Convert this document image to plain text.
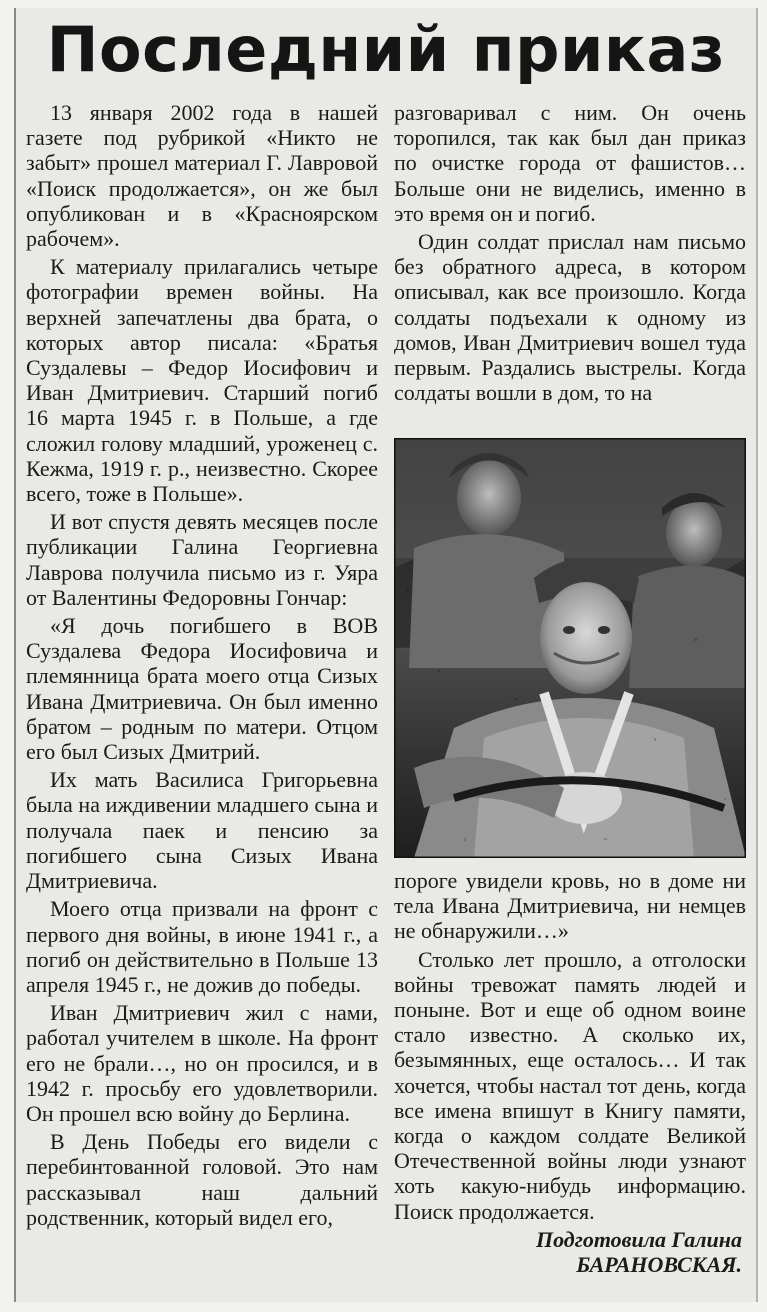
Последний приказ

13 января 2002 года в нашей газете под рубрикой «Никто не забыт» прошел материал Г. Лавровой «Поиск продолжается», он же был опубликован и в «Красноярском рабочем».

К материалу прилагались четыре фотографии времен войны. На верхней запечатлены два брата, о которых автор писала: «Братья Суздалевы – Федор Иосифович и Иван Дмитриевич. Старший погиб 16 марта 1945 г. в Польше, а где сложил голову младший, уроженец с. Кежма, 1919 г. р., неизвестно. Скорее всего, тоже в Польше».

И вот спустя девять месяцев после публикации Галина Георгиевна Лаврова получила письмо из г. Уяра от Валентины Федоровны Гончар:

«Я дочь погибшего в ВОВ Суздалева Федора Иосифовича и племянница брата моего отца Сизых Ивана Дмитриевича. Он был именно братом – родным по матери. Отцом его был Сизых Дмитрий.

Их мать Василиса Григорьевна была на иждивении младшего сына и получала паек и пенсию за погибшего сына Сизых Ивана Дмитриевича.

Моего отца призвали на фронт с первого дня войны, в июне 1941 г., а погиб он действительно в Польше 13 апреля 1945 г., не дожив до победы.

Иван Дмитриевич жил с нами, работал учителем в школе. На фронт его не брали…, но он просился, и в 1942 г. просьбу его удовлетворили. Он прошел всю войну до Берлина.

В День Победы его видели с перебинтованной головой. Это нам рассказывал наш дальний родственник, который видел его,

разговаривал с ним. Он очень торопился, так как был дан приказ по очистке города от фашистов… Больше они не виделись, именно в это время он и погиб.

Один солдат прислал нам письмо без обратного адреса, в котором описывал, как все произошло. Когда солдаты подъехали к одному из домов, Иван Дмитриевич вошел туда первым. Раздались выстрелы. Когда солдаты вошли в дом, то на

пороге увидели кровь, но в доме ни тела Ивана Дмитриевича, ни немцев не обнаружили…»

Столько лет прошло, а отголоски войны тревожат память людей и поныне. Вот и еще об одном воине стало известно. А сколько их, безымянных, еще осталось… И так хочется, чтобы настал тот день, когда все имена впишут в Книгу памяти, когда о каждом солдате Великой Отечественной войны люди узнают хоть какую-нибудь информацию. Поиск продолжается.

Подготовила Галина

БАРАНОВСКАЯ.
